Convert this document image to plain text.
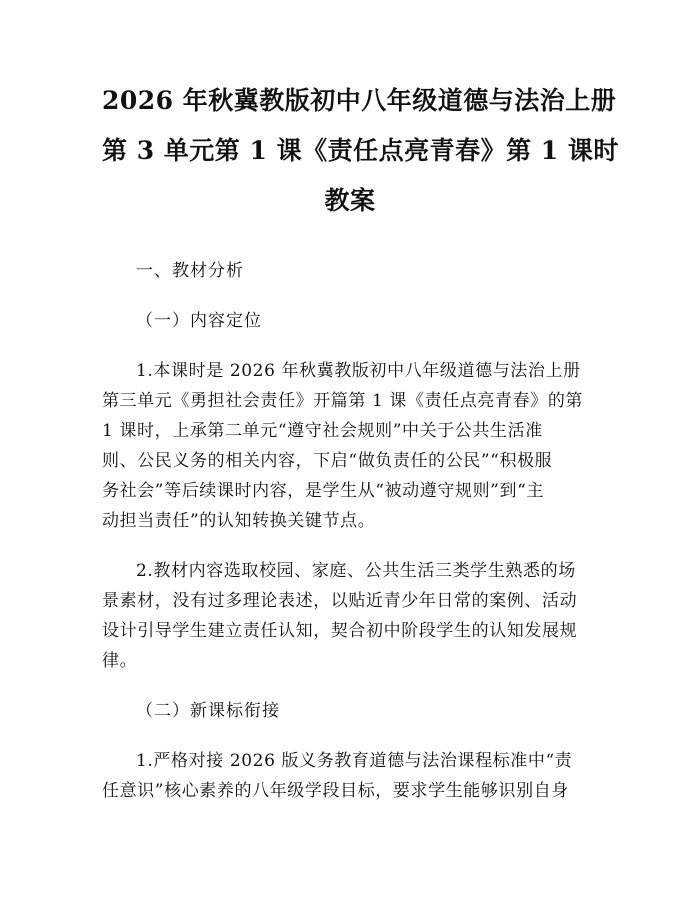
2026 年秋冀教版初中八年级道德与法治上册
第 3 单元第 1 课《责任点亮青春》第 1 课时
教案

一、教材分析

（一）内容定位

1.本课时是 2026 年秋冀教版初中八年级道德与法治上册
第三单元《勇担社会责任》开篇第 1 课《责任点亮青春》的第
1 课时，上承第二单元“遵守社会规则”中关于公共生活准
则、公民义务的相关内容，下启“做负责任的公民”“积极服
务社会”等后续课时内容，是学生从“被动遵守规则”到“主
动担当责任”的认知转换关键节点。

2.教材内容选取校园、家庭、公共生活三类学生熟悉的场
景素材，没有过多理论表述，以贴近青少年日常的案例、活动
设计引导学生建立责任认知，契合初中阶段学生的认知发展规
律。

（二）新课标衔接

1.严格对接 2026 版义务教育道德与法治课程标准中“责
任意识”核心素养的八年级学段目标，要求学生能够识别自身
